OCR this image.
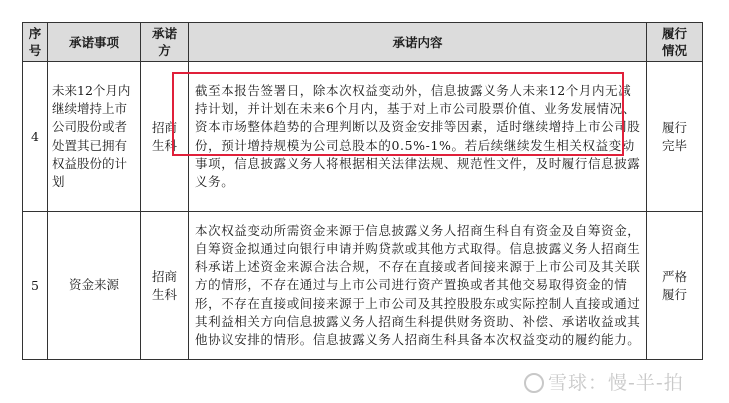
序号	承诺事项	承诺方	承诺内容	履行情况
4	未来12个月内继续增持上市公司股份或者处置其已拥有权益股份的计划	招商生科	截至本报告签署日，除本次权益变动外，信息披露义务人未来12个月内无减持计划，并计划在未来6个月内，基于对上市公司股票价值、业务发展情况、资本市场整体趋势的合理判断以及资金安排等因素，适时继续增持上市公司股份，预计增持规模为公司总股本的0.5%-1%。若后续继续发生相关权益变动事项，信息披露义务人将根据相关法律法规、规范性文件，及时履行信息披露义务。	履行完毕
5	资金来源	招商生科	本次权益变动所需资金来源于信息披露义务人招商生科自有资金及自筹资金，自筹资金拟通过向银行申请并购贷款或其他方式取得。信息披露义务人招商生科承诺上述资金来源合法合规，不存在直接或者间接来源于上市公司及其关联方的情形，不存在通过与上市公司进行资产置换或者其他交易取得资金的情形，不存在直接或间接来源于上市公司及其控股股东或实际控制人直接或通过其利益相关方向信息披露义务人招商生科提供财务资助、补偿、承诺收益或其他协议安排的情形。信息披露义务人招商生科具备本次权益变动的履约能力。	严格履行
雪球：慢-半-拍
